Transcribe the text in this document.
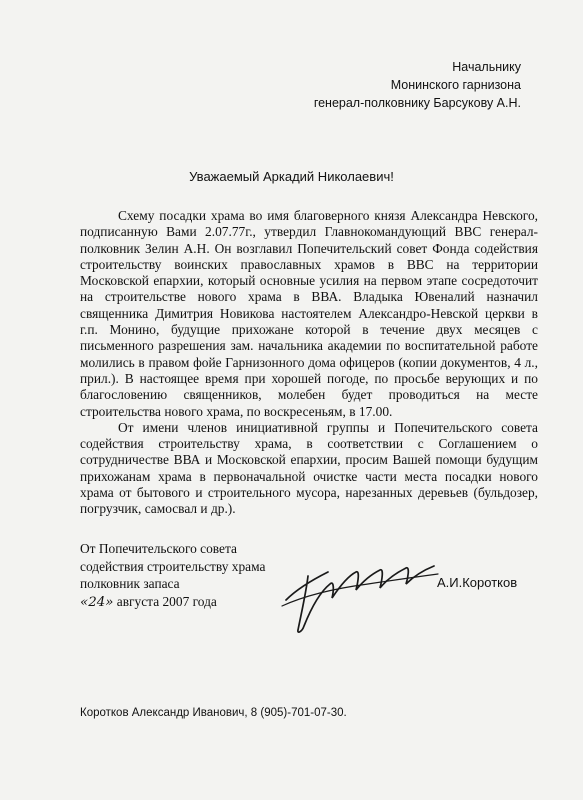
Начальнику
Монинского гарнизона
генерал-полковнику Барсукову А.Н.
Уважаемый Аркадий Николаевич!

Схему посадки храма во имя благоверного князя Александра Невского, подписанную Вами 2.07.77г., утвердил Главнокомандующий ВВС генерал-полковник Зелин А.Н. Он возглавил Попечительский совет Фонда содействия строительству воинских православных храмов в ВВС на территории Московской епархии, который основные усилия на первом этапе сосредоточит на строительстве нового храма в ВВА. Владыка Ювеналий назначил священника Димитрия Новикова настоятелем Александро-Невской церкви в г.п. Монино, будущие прихожане которой в течение двух месяцев с письменного разрешения зам. начальника академии по воспитательной работе молились в правом фойе Гарнизонного дома офицеров (копии документов, 4 л., прил.). В настоящее время при хорошей погоде, по просьбе верующих и по благословению священников, молебен будет проводиться на месте строительства нового храма, по воскресеньям, в 17.00.

От имени членов инициативной группы и Попечительского совета содействия строительству храма, в соответствии с Соглашением о сотрудничестве ВВА и Московской епархии, просим Вашей помощи будущим прихожанам храма в первоначальной очистке части места посадки нового храма от бытового и строительного мусора, нарезанных деревьев (бульдозер, погрузчик, самосвал и др.).

От Попечительского совета
содействия строительству храма
полковник запаса
«24» августа 2007 года
А.И.Коротков
Коротков Александр Иванович, 8 (905)-701-07-30.
